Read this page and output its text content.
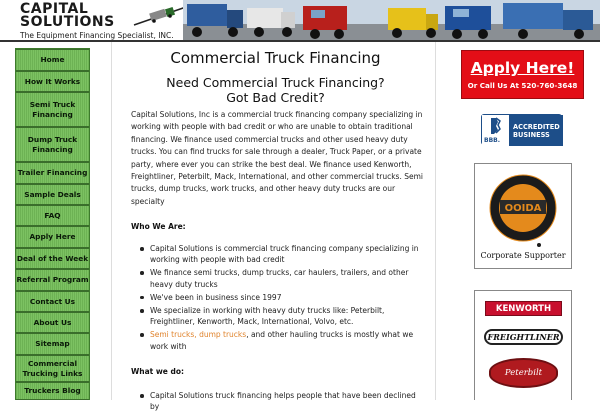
CAPITAL
SOLUTIONS
The Equipment Financing Specialist, INC.
Home
How It Works
Semi Truck Financing
Dump Truck Financing
Trailer Financing
Sample Deals
FAQ
Apply Here
Deal of the Week
Referral Program
Contact Us
About Us
Sitemap
Commercial Trucking Links
Truckers Blog
Commercial Truck Financing
Need Commercial Truck Financing?
Got Bad Credit?

Capital Solutions, Inc is a commercial truck financing company specializing in working with people with bad credit or who are unable to obtain traditional financing. We finance used commercial trucks and other used heavy duty trucks. You can find trucks for sale through a dealer, Truck Paper, or a private party, where ever you can strike the best deal. We finance used Kenworth, Freightliner, Peterbilt, Mack, International, and other commercial trucks. Semi trucks, dump trucks, work trucks, and other heavy duty trucks are our specialty

Who We Are:
Capital Solutions is commercial truck financing company specializing in working with people with bad credit
We finance semi trucks, dump trucks, car haulers, trailers, and other heavy duty trucks
We've been in business since 1997
We specialize in working with heavy duty trucks like: Peterbilt, Freightliner, Kenworth, Mack, International, Volvo, etc.
Semi trucks, dump trucks, and other hauling trucks is mostly what we work with
What we do:
Capital Solutions truck financing helps people that have been declined by
Apply Here!
Or Call Us At 520-760-3648
BBB.
ACCREDITED
BUSINESS
OOIDA
Corporate Supporter
KENWORTH
FREIGHTLINER
Peterbilt
